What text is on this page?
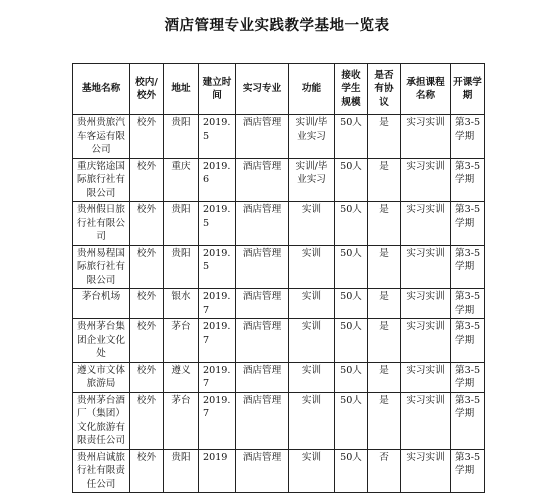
酒店管理专业实践教学基地一览表
基地名称	校内/校外	地址	建立时间	实习专业	功能	接收学生规模	是否有协议	承担课程名称	开课学期
贵州贵旅汽车客运有限公司	校外	贵阳	2019.5	酒店管理	实训/毕业实习	50人	是	实习实训	第3-5学期
重庆铭途国际旅行社有限公司	校外	重庆	2019.6	酒店管理	实训/毕业实习	50人	是	实习实训	第3-5学期
贵州假日旅行社有限公司	校外	贵阳	2019.5	酒店管理	实训	50人	是	实习实训	第3-5学期
贵州易程国际旅行社有限公司	校外	贵阳	2019.5	酒店管理	实训	50人	是	实习实训	第3-5学期
茅台机场	校外	银水	2019.7	酒店管理	实训	50人	是	实习实训	第3-5学期
贵州茅台集团企业文化处	校外	茅台	2019.7	酒店管理	实训	50人	是	实习实训	第3-5学期
遵义市文体旅游局	校外	遵义	2019.7	酒店管理	实训	50人	是	实习实训	第3-5学期
贵州茅台酒厂（集团）文化旅游有限责任公司	校外	茅台	2019.7	酒店管理	实训	50人	是	实习实训	第3-5学期
贵州启诚旅行社有限责任公司	校外	贵阳	2019	酒店管理	实训	50人	否	实习实训	第3-5学期
